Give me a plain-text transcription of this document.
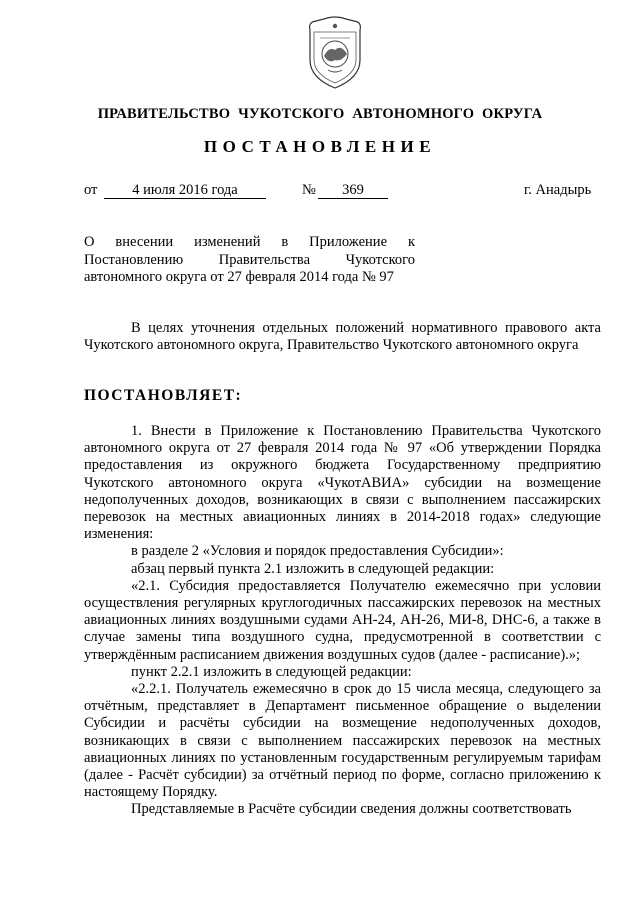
ПРАВИТЕЛЬСТВО ЧУКОТСКОГО АВТОНОМНОГО ОКРУГА
ПОСТАНОВЛЕНИЕ
от	4 июля 2016 года	№	369	г. Анадырь
О внесении изменений в Приложение к
Постановлению Правительства Чукотского
автономного округа от 27 февраля 2014 года № 97
В целях уточнения отдельных положений нормативного правового акта Чукотского автономного округа, Правительство Чукотского автономного округа
ПОСТАНОВЛЯЕТ:

1. Внести в Приложение к Постановлению Правительства Чукотского автономного округа от 27 февраля 2014 года № 97 «Об утверждении Порядка предоставления из окружного бюджета Государственному предприятию Чукотского автономного округа «ЧукотАВИА» субсидии на возмещение недополученных доходов, возникающих в связи с выполнением пассажирских перевозок на местных авиационных линиях в 2014-2018 годах» следующие изменения:

в разделе 2 «Условия и порядок предоставления Субсидии»:

абзац первый пункта 2.1 изложить в следующей редакции:

«2.1. Субсидия предоставляется Получателю ежемесячно при условии осуществления регулярных круглогодичных пассажирских перевозок на местных авиационных линиях воздушными судами АН-24, АН-26, МИ-8, DHC-6, а также в случае замены типа воздушного судна, предусмотренной в соответствии с утверждённым расписанием движения воздушных судов (далее - расписание).»;

пункт 2.2.1 изложить в следующей редакции:

«2.2.1. Получатель ежемесячно в срок до 15 числа месяца, следующего за отчётным, представляет в Департамент письменное обращение о выделении Субсидии и расчёты субсидии на возмещение недополученных доходов, возникающих в связи с выполнением пассажирских перевозок на местных авиационных линиях по установленным государственным регулируемым тарифам (далее - Расчёт субсидии) за отчётный период по форме, согласно приложению к настоящему Порядку.

Представляемые в Расчёте субсидии сведения должны соответствовать
